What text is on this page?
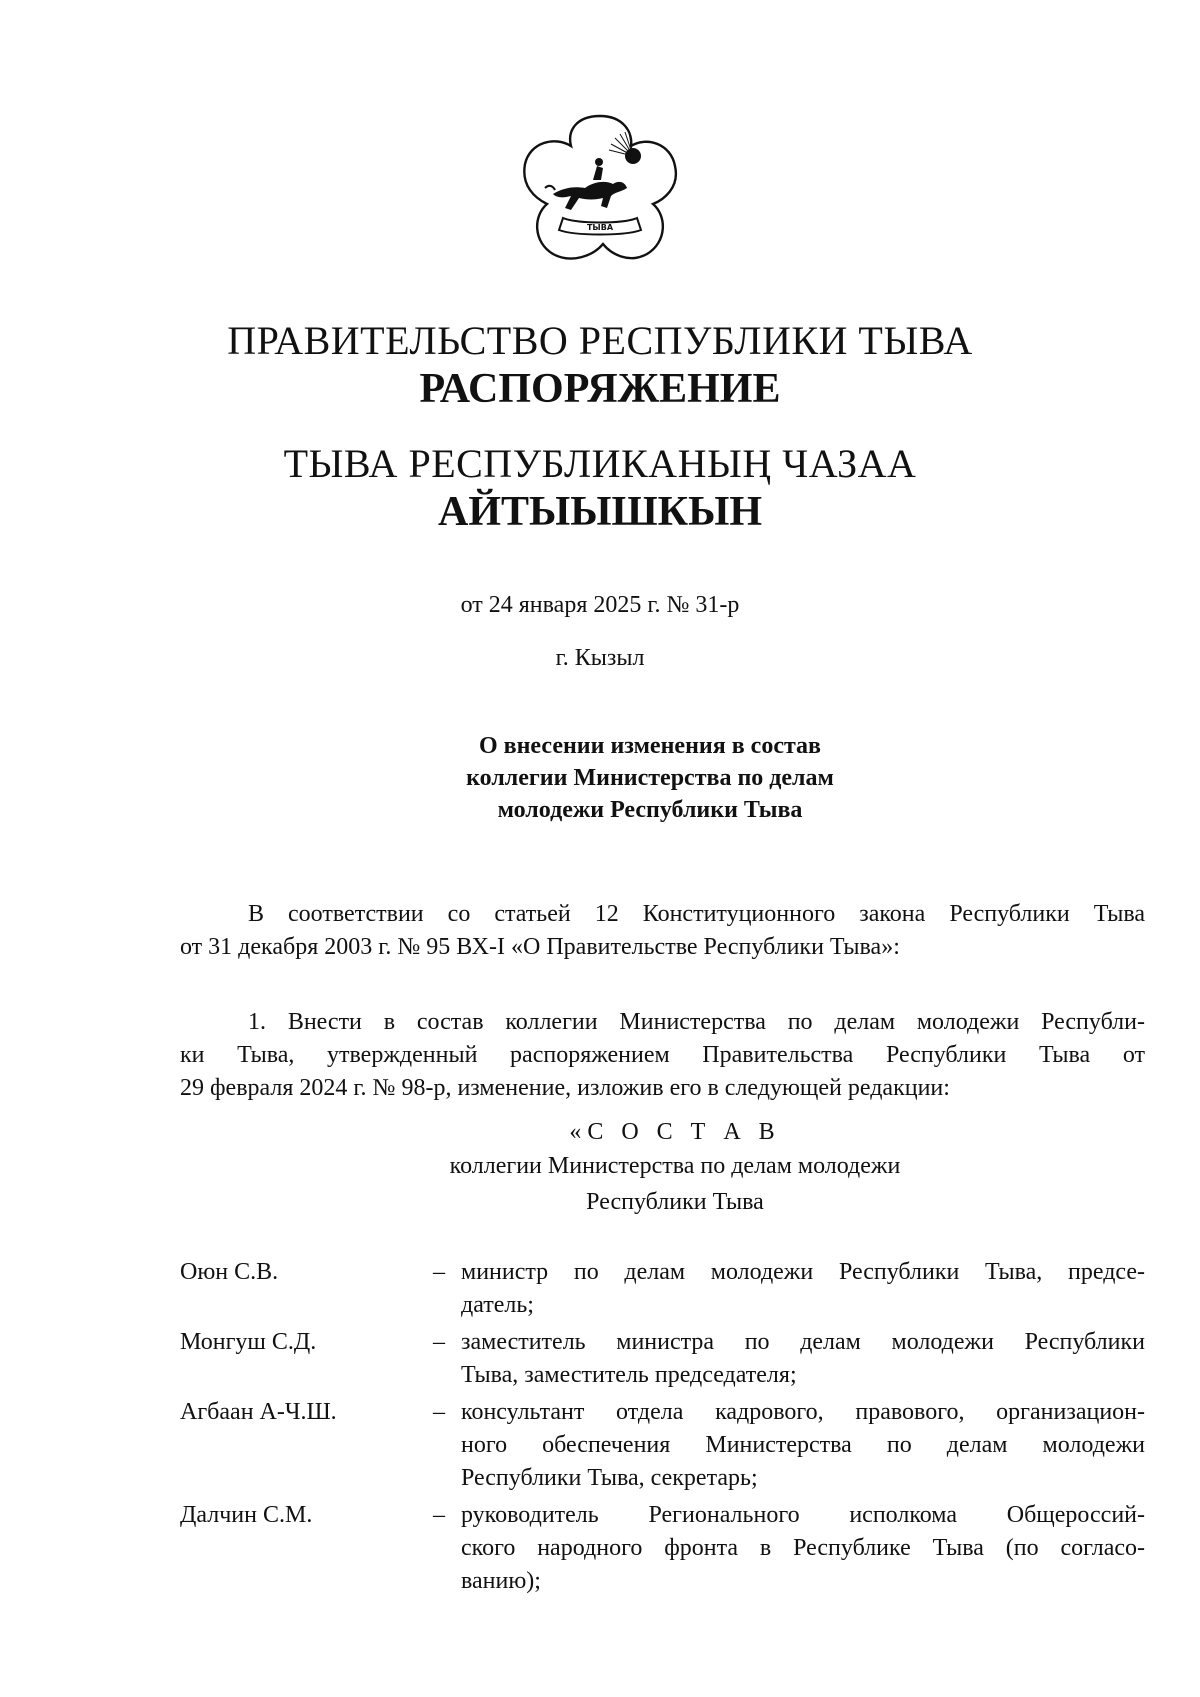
ТЫВА
ПРАВИТЕЛЬСТВО РЕСПУБЛИКИ ТЫВА
РАСПОРЯЖЕНИЕ
ТЫВА РЕСПУБЛИКАНЫҢ ЧАЗАА
АЙТЫЫШКЫН
от 24 января 2025 г. № 31-р
г. Кызыл
О внесении изменения в состав
коллегии Министерства по делам
молодежи Республики Тыва
В соответствии со статьей 12 Конституционного закона Республики Тыва
от 31 декабря 2003 г. № 95 ВХ-I «О Правительстве Республики Тыва»:
1. Внести в состав коллегии Министерства по делам молодежи Республи-
ки Тыва, утвержденный распоряжением Правительства Республики Тыва от
29 февраля 2024 г. № 98-р, изменение, изложив его в следующей редакции:
«С О С Т А В
коллегии Министерства по делам молодежи
Республики Тыва
Оюн С.В.	– министр по делам молодежи Республики Тыва, предсе-
датель;
Монгуш С.Д.	– заместитель министра по делам молодежи Республики
Тыва, заместитель председателя;
Агбаан А-Ч.Ш.	– консультант отдела кадрового, правового, организацион-
ного обеспечения Министерства по делам молодежи
Республики Тыва, секретарь;
Далчин С.М.	– руководитель Регионального исполкома Общероссий-
ского народного фронта в Республике Тыва (по согласо-
ванию);
